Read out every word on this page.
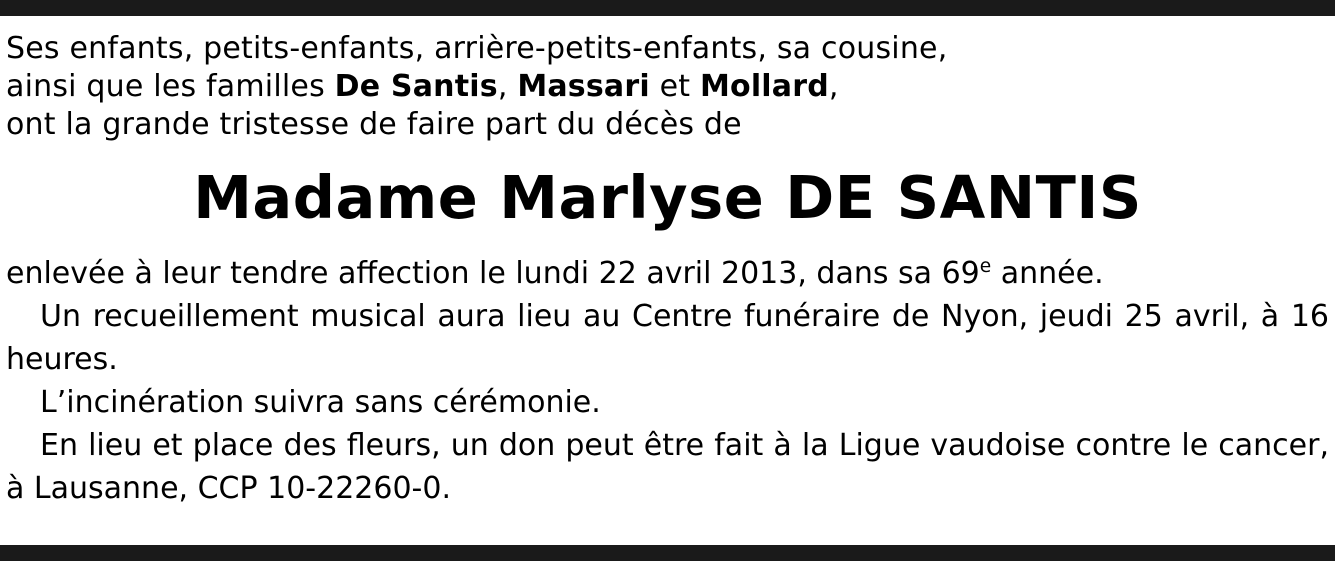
Ses enfants, petits-enfants, arrière-petits-enfants, sa cousine,
ainsi que les familles De Santis, Massari et Mollard,
ont la grande tristesse de faire part du décès de
Madame Marlyse DE SANTIS

enlevée à leur tendre affection le lundi 22 avril 2013, dans sa 69e année.

Un recueillement musical aura lieu au Centre funéraire de Nyon, jeudi 25 avril, à 16 heures.

L’incinération suivra sans cérémonie.

En lieu et place des fleurs, un don peut être fait à la Ligue vaudoise contre le cancer, à Lausanne, CCP 10-22260-0.
